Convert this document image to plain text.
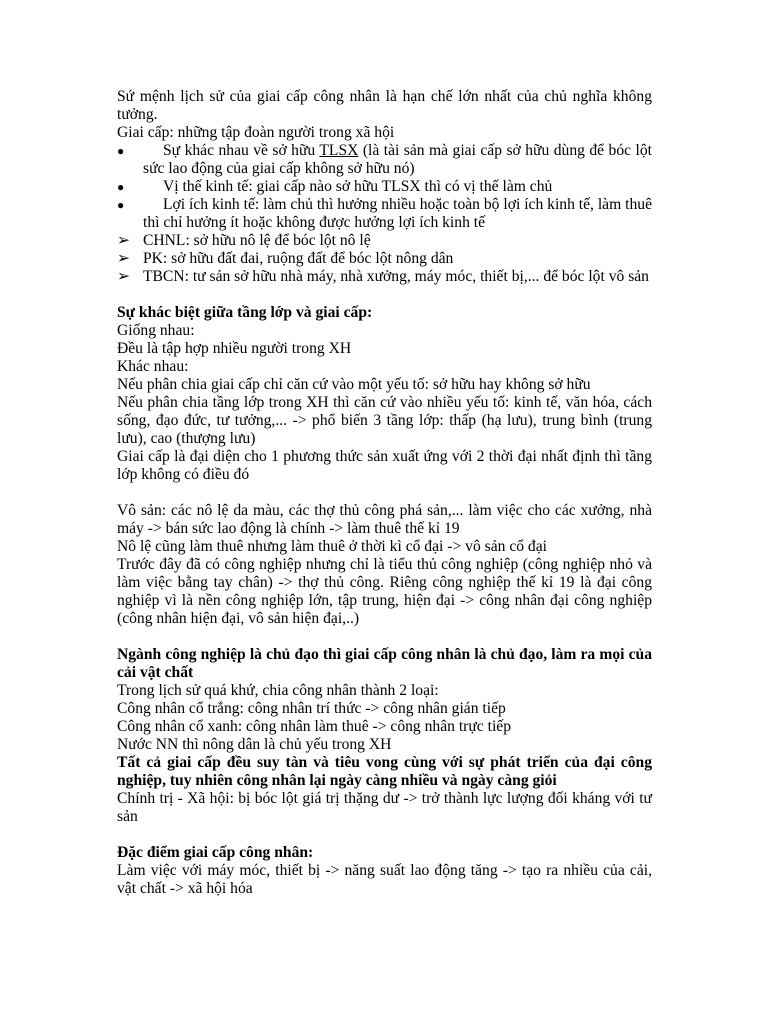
Sứ mệnh lịch sử của giai cấp công nhân là hạn chế lớn nhất của chủ nghĩa không tưởng.

Giai cấp: những tập đoàn người trong xã hội

●	Sự khác nhau về sở hữu TLSX (là tài sản mà giai cấp sở hữu dùng để bóc lột sức lao động của giai cấp không sở hữu nó)

●	Vị thế kinh tế: giai cấp nào sở hữu TLSX thì có vị thế làm chủ

●	Lợi ích kinh tế: làm chủ thì hưởng nhiều hoặc toàn bộ lợi ích kinh tế, làm thuê thì chỉ hưởng ít hoặc không được hưởng lợi ích kinh tế

➢ CHNL: sở hữu nô lệ để bóc lột nô lệ

➢ PK: sở hữu đất đai, ruộng đất để bóc lột nông dân

➢ TBCN: tư sản sở hữu nhà máy, nhà xưởng, máy móc, thiết bị,... để bóc lột vô sản

Sự khác biệt giữa tầng lớp và giai cấp:

Giống nhau:

Đều là tập hợp nhiều người trong XH

Khác nhau:

Nếu phân chia giai cấp chỉ căn cứ vào một yếu tố: sở hữu hay không sở hữu

Nếu phân chia tầng lớp trong XH thì căn cứ vào nhiều yếu tố: kinh tế, văn hóa, cách sống, đạo đức, tư tưởng,... -> phổ biến 3 tầng lớp: thấp (hạ lưu), trung bình (trung lưu), cao (thượng lưu)

Giai cấp là đại diện cho 1 phương thức sản xuất ứng với 2 thời đại nhất định thì tầng lớp không có điều đó

Vô sản: các nô lệ da màu, các thợ thủ công phá sản,... làm việc cho các xưởng, nhà máy -> bán sức lao động là chính -> làm thuê thế kỉ 19

Nô lệ cũng làm thuê nhưng làm thuê ở thời kì cổ đại -> vô sản cổ đại

Trước đây đã có công nghiệp nhưng chỉ là tiểu thủ công nghiệp (công nghiệp nhỏ và làm việc bằng tay chân) -> thợ thủ công. Riêng công nghiệp thế kỉ 19 là đại công nghiệp vì là nền công nghiệp lớn, tập trung, hiện đại -> công nhân đại công nghiệp (công nhân hiện đại, vô sản hiện đại,..)

Ngành công nghiệp là chủ đạo thì giai cấp công nhân là chủ đạo, làm ra mọi của cải vật chất

Trong lịch sử quá khứ, chia công nhân thành 2 loại:

Công nhân cổ trắng: công nhân trí thức -> công nhân gián tiếp

Công nhân cổ xanh: công nhân làm thuê -> công nhân trực tiếp

Nước NN thì nông dân là chủ yếu trong XH

Tất cả giai cấp đều suy tàn và tiêu vong cùng với sự phát triển của đại công nghiệp, tuy nhiên công nhân lại ngày càng nhiều và ngày càng giỏi

Chính trị - Xã hội: bị bóc lột giá trị thặng dư -> trở thành lực lượng đối kháng với tư sản

Đặc điểm giai cấp công nhân:

Làm việc với máy móc, thiết bị -> năng suất lao động tăng -> tạo ra nhiều của cải, vật chất -> xã hội hóa
